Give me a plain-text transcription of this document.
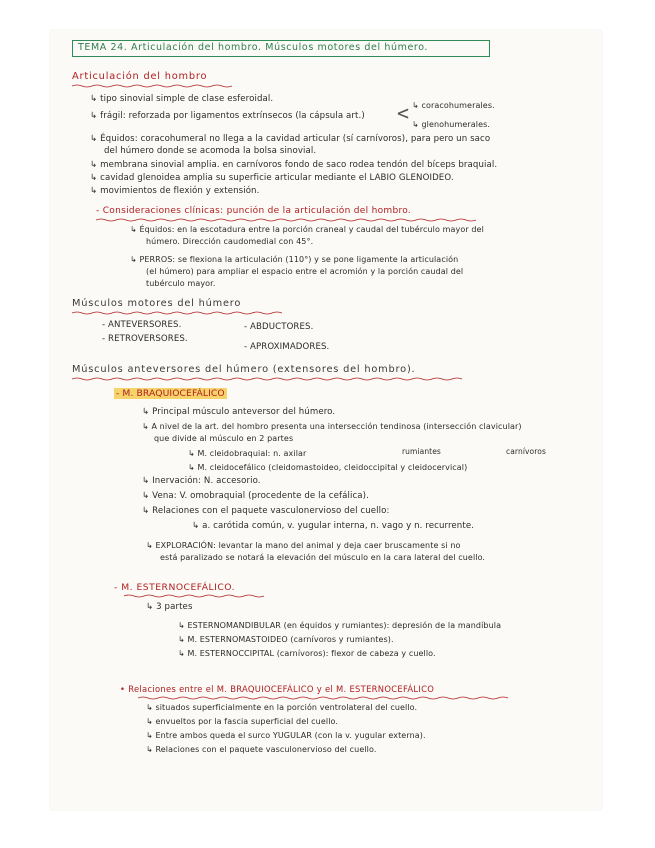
TEMA 24. Articulación del hombro. Músculos motores del húmero.
Articulación del hombro
↳ tipo sinovial simple de clase esferoidal.
↳ frágil: reforzada por ligamentos extrínsecos (la cápsula art.) < ↳ coracohumerales.
↳ glenohumerales.
↳ Équidos: coracohumeral no llega a la cavidad articular (sí carnívoros), para pero un saco
del húmero donde se acomoda la bolsa sinovial.
↳ membrana sinovial amplia. en carnívoros fondo de saco rodea tendón del bíceps braquial.
↳ cavidad glenoidea amplia su superficie articular mediante el LABIO GLENOIDEO.
↳ movimientos de flexión y extensión.
- Consideraciones clínicas: punción de la articulación del hombro.
↳ Équidos: en la escotadura entre la porción craneal y caudal del tubérculo mayor del
húmero. Dirección caudomedial con 45°.
↳ PERROS: se flexiona la articulación (110°) y se pone ligamente la articulación
(el húmero) para ampliar el espacio entre el acromión y la porción caudal del
tubérculo mayor.
Músculos motores del húmero
- ANTEVERSORES.
- RETROVERSORES.
- ABDUCTORES.
- APROXIMADORES.
Músculos anteversores del húmero (extensores del hombro).
- M. BRAQUIOCEFÁLICO
↳ Principal músculo anteversor del húmero.
↳ A nivel de la art. del hombro presenta una intersección tendinosa (intersección clavicular)
que divide al músculo en 2 partes
rumiantes	carnívoros
↳ M. cleidobraquial: n. axilar
↳ M. cleidocefálico (cleidomastoideo, cleidoccipital y cleidocervical)
↳ Inervación: N. accesorio.
↳ Vena: V. omobraquial (procedente de la cefálica).
↳ Relaciones con el paquete vasculonervioso del cuello:
↳ a. carótida común, v. yugular interna, n. vago y n. recurrente.
↳ EXPLORACIÓN: levantar la mano del animal y deja caer bruscamente si no
está paralizado se notará la elevación del músculo en la cara lateral del cuello.
- M. ESTERNOCEFÁLICO.
↳ 3 partes
↳ ESTERNOMANDIBULAR (en équidos y rumiantes): depresión de la mandíbula
↳ M. ESTERNOMASTOIDEO (carnívoros y rumiantes).
↳ M. ESTERNOCCIPITAL (carnívoros): flexor de cabeza y cuello.
• Relaciones entre el M. BRAQUIOCEFÁLICO y el M. ESTERNOCEFÁLICO
↳ situados superficialmente en la porción ventrolateral del cuello.
↳ envueltos por la fascia superficial del cuello.
↳ Entre ambos queda el surco YUGULAR (con la v. yugular externa).
↳ Relaciones con el paquete vasculonervioso del cuello.
